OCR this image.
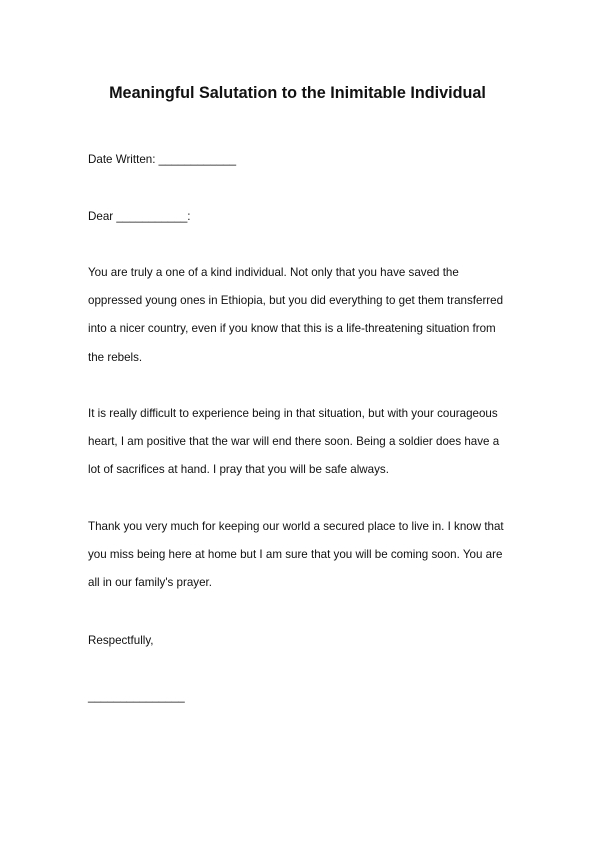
Meaningful Salutation to the Inimitable Individual
Date Written: ____________
Dear ___________:
You are truly a one of a kind individual. Not only that you have saved the
oppressed young ones in Ethiopia, but you did everything to get them transferred
into a nicer country, even if you know that this is a life-threatening situation from
the rebels.
It is really difficult to experience being in that situation, but with your courageous
heart, I am positive that the war will end there soon. Being a soldier does have a
lot of sacrifices at hand. I pray that you will be safe always.
Thank you very much for keeping our world a secured place to live in. I know that
you miss being here at home but I am sure that you will be coming soon. You are
all in our family's prayer.
Respectfully,
_______________
